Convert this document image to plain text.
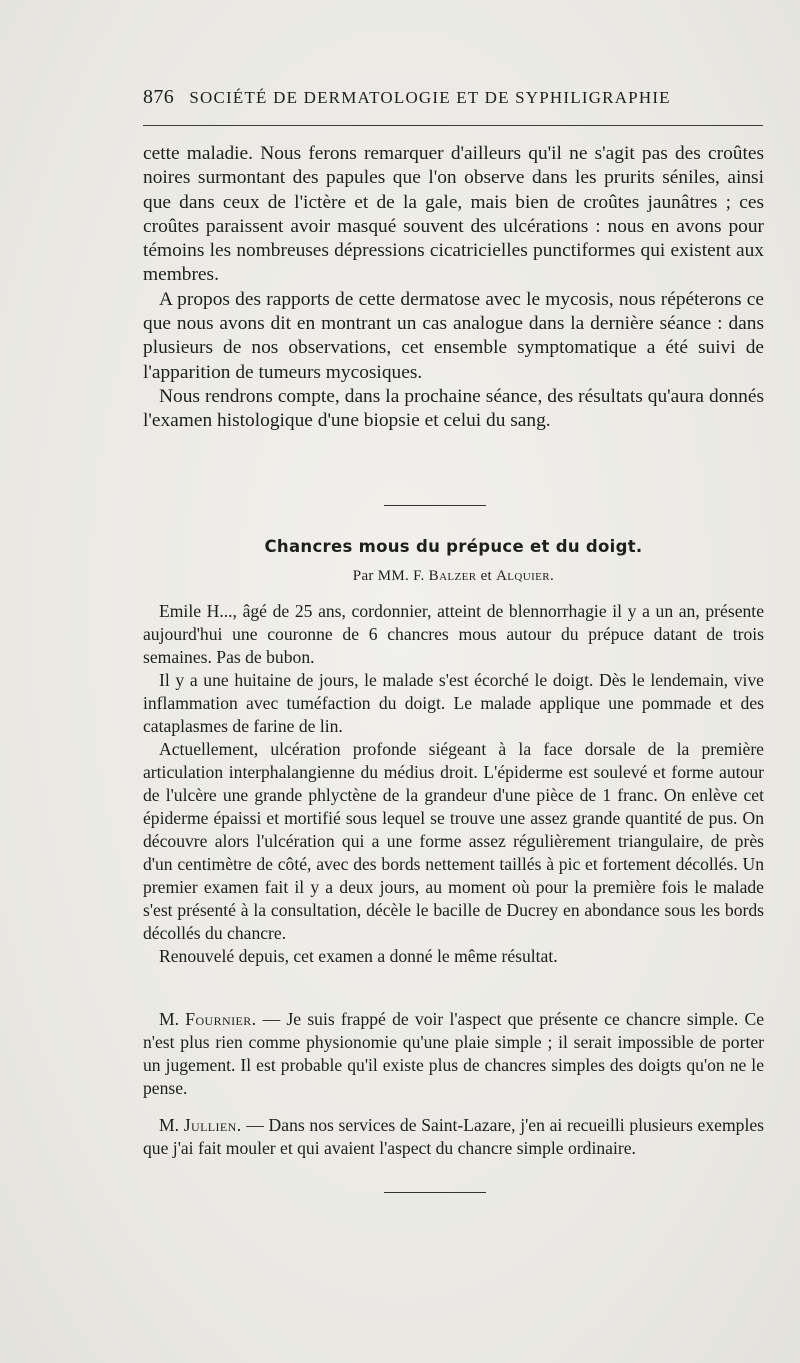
876 SOCIÉTÉ DE DERMATOLOGIE ET DE SYPHILIGRAPHIE

cette maladie. Nous ferons remarquer d'ailleurs qu'il ne s'agit pas des croûtes noires surmontant des papules que l'on observe dans les prurits séniles, ainsi que dans ceux de l'ictère et de la gale, mais bien de croûtes jaunâtres ; ces croûtes paraissent avoir masqué souvent des ulcérations : nous en avons pour témoins les nombreuses dépressions cicatricielles punctiformes qui existent aux membres.

A propos des rapports de cette dermatose avec le mycosis, nous répéterons ce que nous avons dit en montrant un cas analogue dans la dernière séance : dans plusieurs de nos observations, cet ensemble symptomatique a été suivi de l'apparition de tumeurs mycosiques.

Nous rendrons compte, dans la prochaine séance, des résultats qu'aura donnés l'examen histologique d'une biopsie et celui du sang.

Chancres mous du prépuce et du doigt.
Par MM. F. Balzer et Alquier.

Emile H..., âgé de 25 ans, cordonnier, atteint de blennorrhagie il y a un an, présente aujourd'hui une couronne de 6 chancres mous autour du prépuce datant de trois semaines. Pas de bubon.

Il y a une huitaine de jours, le malade s'est écorché le doigt. Dès le lendemain, vive inflammation avec tuméfaction du doigt. Le malade applique une pommade et des cataplasmes de farine de lin.

Actuellement, ulcération profonde siégeant à la face dorsale de la première articulation interphalangienne du médius droit. L'épiderme est soulevé et forme autour de l'ulcère une grande phlyctène de la grandeur d'une pièce de 1 franc. On enlève cet épiderme épaissi et mortifié sous lequel se trouve une assez grande quantité de pus. On découvre alors l'ulcération qui a une forme assez régulièrement triangulaire, de près d'un centimètre de côté, avec des bords nettement taillés à pic et fortement décollés. Un premier examen fait il y a deux jours, au moment où pour la première fois le malade s'est présenté à la consultation, décèle le bacille de Ducrey en abondance sous les bords décollés du chancre.

Renouvelé depuis, cet examen a donné le même résultat.

M. Fournier. — Je suis frappé de voir l'aspect que présente ce chancre simple. Ce n'est plus rien comme physionomie qu'une plaie simple ; il serait impossible de porter un jugement. Il est probable qu'il existe plus de chancres simples des doigts qu'on ne le pense.

M. Jullien. — Dans nos services de Saint-Lazare, j'en ai recueilli plusieurs exemples que j'ai fait mouler et qui avaient l'aspect du chancre simple ordinaire.
